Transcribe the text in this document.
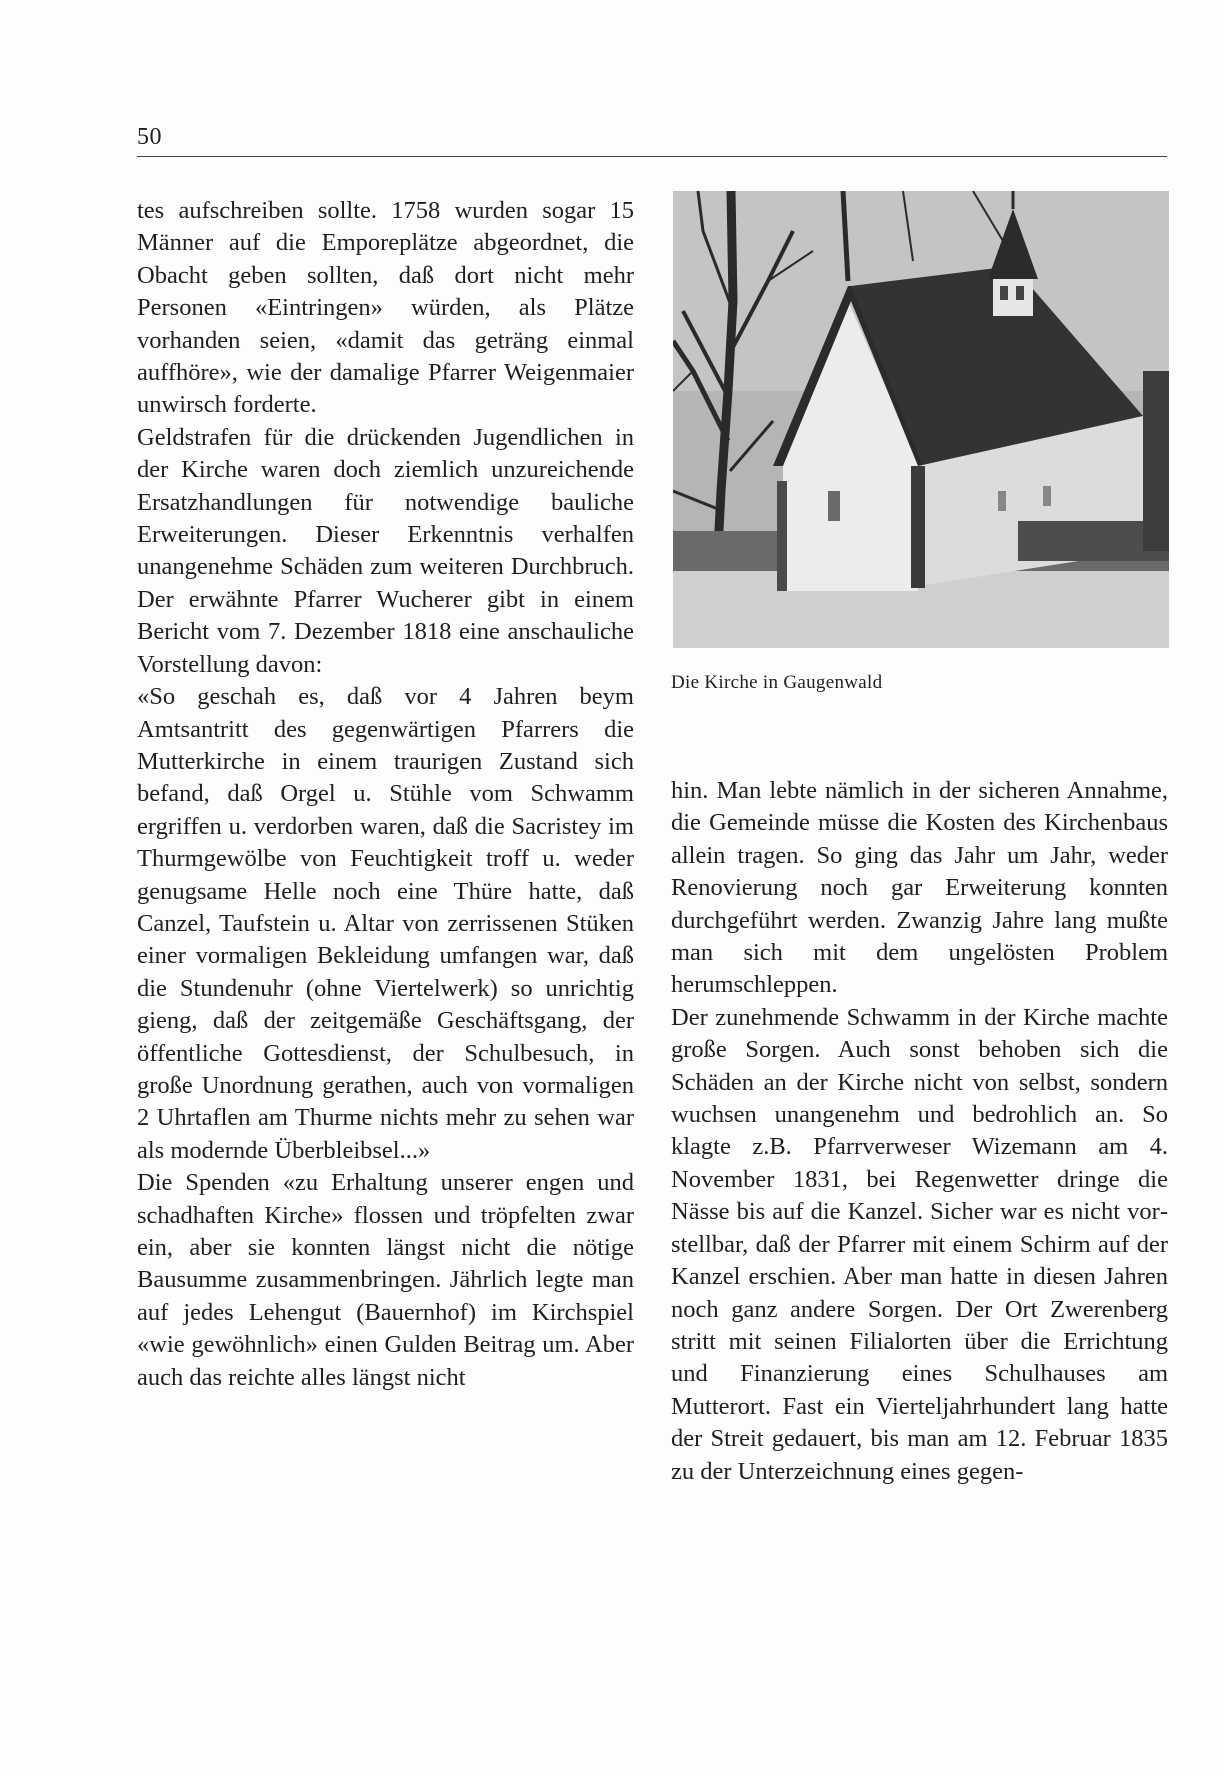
50

tes aufschreiben sollte. 1758 wurden sogar 15 Männer auf die Emporeplätze abgeordnet, die Obacht geben sollten, daß dort nicht mehr Personen «Eintringen» würden, als Plätze vorhanden seien, «damit das geträng einmal auffhöre», wie der damalige Pfarrer Weigenmaier unwirsch forderte.

Geldstrafen für die drückenden Jugendlichen in der Kirche waren doch ziemlich unzureichende Ersatzhandlungen für notwendige bauliche Erweiterungen. Dieser Erkenntnis verhalfen unangenehme Schäden zum weiteren Durchbruch. Der erwähnte Pfarrer Wucherer gibt in einem Bericht vom 7. Dezember 1818 eine anschauliche Vorstellung davon:

«So geschah es, daß vor 4 Jahren beym Amtsantritt des gegenwärtigen Pfarrers die Mutterkirche in einem traurigen Zustand sich befand, daß Orgel u. Stühle vom Schwamm ergriffen u. verdorben waren, daß die Sacristey im Thurmgewölbe von Feuchtigkeit troff u. weder genugsame Helle noch eine Thüre hatte, daß Canzel, Taufstein u. Altar von zerrissenen Stüken einer vormaligen Bekleidung umfangen war, daß die Stundenuhr (ohne Viertelwerk) so unrichtig gieng, daß der zeitgemäße Geschäftsgang, der öffentliche Gottesdienst, der Schulbesuch, in große Unordnung gerathen, auch von vormaligen 2 Uhrtaflen am Thurme nichts mehr zu sehen war als modernde Überbleibsel...»

Die Spenden «zu Erhaltung unserer engen und schadhaften Kirche» flossen und tröpfelten zwar ein, aber sie konnten längst nicht die nötige Bausumme zusammenbringen. Jährlich legte man auf jedes Lehengut (Bauernhof) im Kirchspiel «wie gewöhnlich» einen Gulden Beitrag um. Aber auch das reichte alles längst nicht

Die Kirche in Gaugenwald

hin. Man lebte nämlich in der sicheren Annahme, die Gemeinde müsse die Kosten des Kirchenbaus allein tragen. So ging das Jahr um Jahr, weder Renovierung noch gar Erweiterung konnten durchgeführt werden. Zwanzig Jahre lang mußte man sich mit dem ungelösten Problem herumschleppen.

Der zunehmende Schwamm in der Kirche machte große Sorgen. Auch sonst behoben sich die Schäden an der Kirche nicht von selbst, sondern wuchsen unangenehm und bedrohlich an. So klagte z.B. Pfarrverweser Wizemann am 4. November 1831, bei Regenwetter dringe die Nässe bis auf die Kanzel. Sicher war es nicht vorstellbar, daß der Pfarrer mit einem Schirm auf der Kanzel erschien. Aber man hatte in diesen Jahren noch ganz andere Sorgen. Der Ort Zwerenberg stritt mit seinen Filialorten über die Errichtung und Finanzierung eines Schulhauses am Mutterort. Fast ein Vierteljahrhundert lang hatte der Streit gedauert, bis man am 12. Februar 1835 zu der Unterzeichnung eines gegen-
